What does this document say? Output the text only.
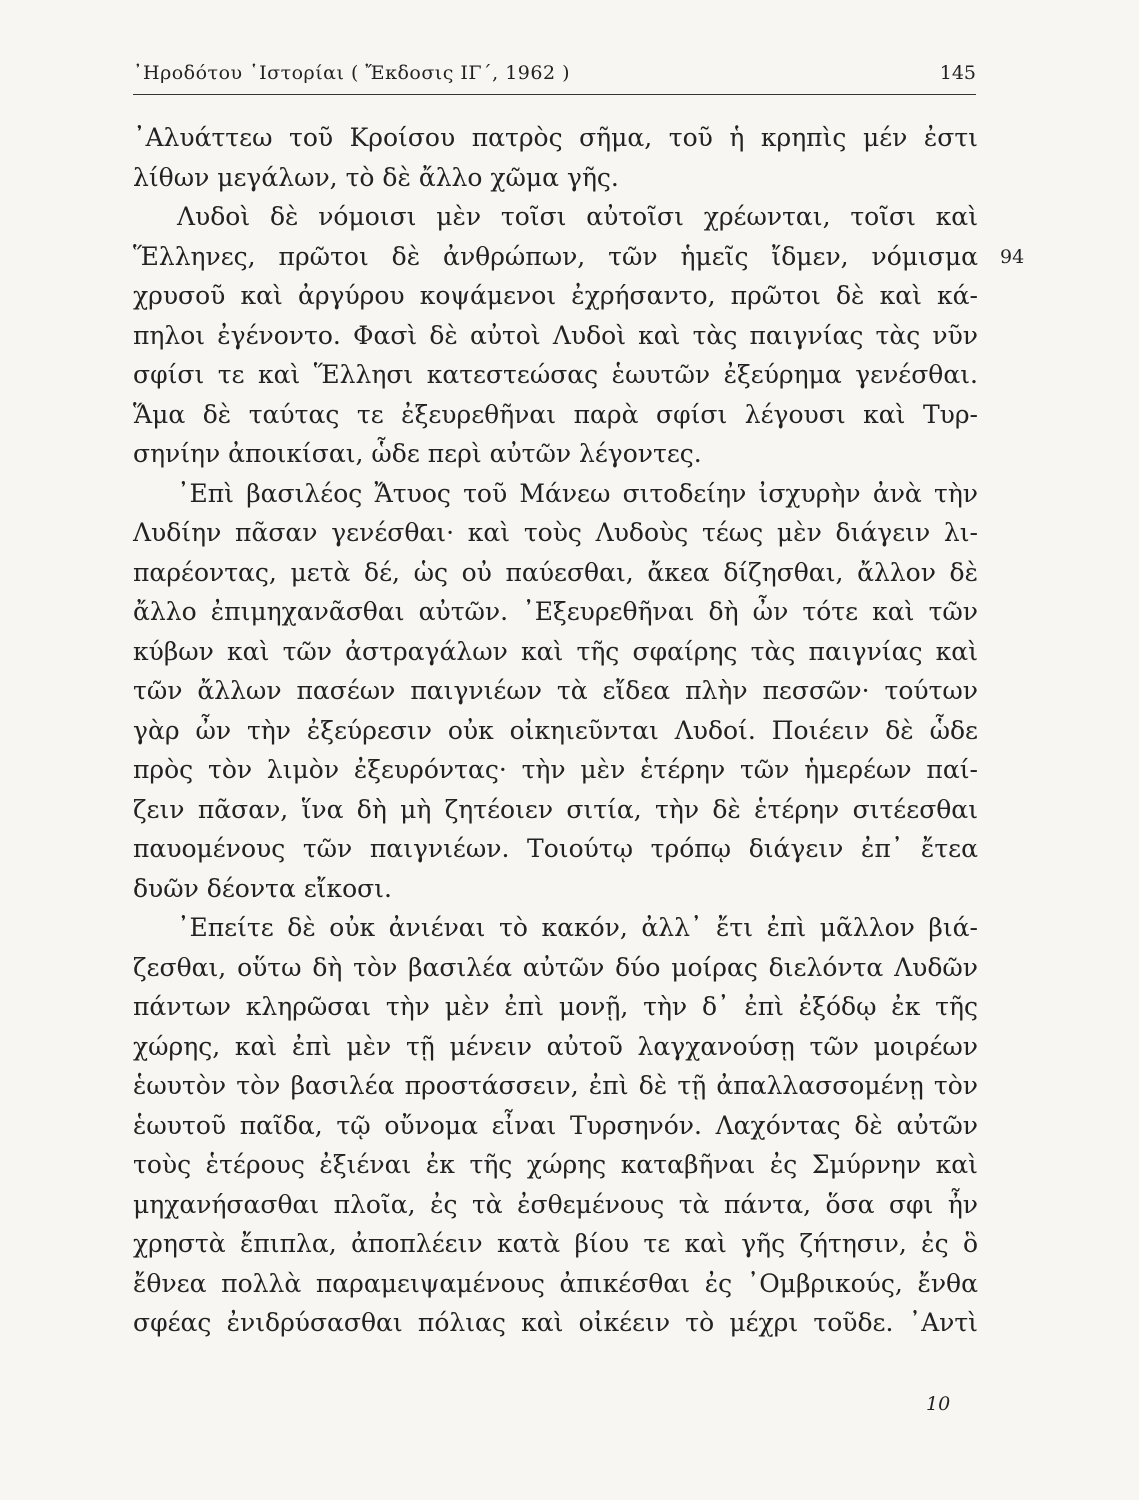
᾿Ηροδότου ῾Ιστορίαι ( Ἔκδοσις ΙΓ΄, 1962 )	145
94
᾿Αλυάττεω τοῦ Κροίσου πατρὸς σῆμα, τοῦ ἡ κρηπὶς μέν ἐστι
λίθων μεγάλων, τὸ δὲ ἄλλο χῶμα γῆς.
Λυδοὶ δὲ νόμοισι μὲν τοῖσι αὐτοῖσι χρέωνται, τοῖσι καὶ
Ἕλληνες, πρῶτοι δὲ ἀνθρώπων, τῶν ἡμεῖς ἴδμεν, νόμισμα
χρυσοῦ καὶ ἀργύρου κοψάμενοι ἐχρήσαντο, πρῶτοι δὲ καὶ κά-
πηλοι ἐγένοντο. Φασὶ δὲ αὐτοὶ Λυδοὶ καὶ τὰς παιγνίας τὰς νῦν
σφίσι τε καὶ Ἕλλησι κατεστεώσας ἑωυτῶν ἐξεύρημα γενέσθαι.
Ἅμα δὲ ταύτας τε ἐξευρεθῆναι παρὰ σφίσι λέγουσι καὶ Τυρ-
σηνίην ἀποικίσαι, ὧδε περὶ αὐτῶν λέγοντες.
᾿Επὶ βασιλέος Ἄτυος τοῦ Μάνεω σιτοδείην ἰσχυρὴν ἀνὰ τὴν
Λυδίην πᾶσαν γενέσθαι· καὶ τοὺς Λυδοὺς τέως μὲν διάγειν λι-
παρέοντας, μετὰ δέ, ὡς οὐ παύεσθαι, ἄκεα δίζησθαι, ἄλλον δὲ
ἄλλο ἐπιμηχανᾶσθαι αὐτῶν. ᾿Εξευρεθῆναι δὴ ὦν τότε καὶ τῶν
κύβων καὶ τῶν ἀστραγάλων καὶ τῆς σφαίρης τὰς παιγνίας καὶ
τῶν ἄλλων πασέων παιγνιέων τὰ εἴδεα πλὴν πεσσῶν· τούτων
γὰρ ὦν τὴν ἐξεύρεσιν οὐκ οἰκηιεῦνται Λυδοί. Ποιέειν δὲ ὧδε
πρὸς τὸν λιμὸν ἐξευρόντας· τὴν μὲν ἑτέρην τῶν ἡμερέων παί-
ζειν πᾶσαν, ἵνα δὴ μὴ ζητέοιεν σιτία, τὴν δὲ ἑτέρην σιτέεσθαι
παυομένους τῶν παιγνιέων. Τοιούτῳ τρόπῳ διάγειν ἐπ᾿ ἔτεα
δυῶν δέοντα εἴκοσι.
᾿Επείτε δὲ οὐκ ἀνιέναι τὸ κακόν, ἀλλ᾿ ἔτι ἐπὶ μᾶλλον βιά-
ζεσθαι, οὕτω δὴ τὸν βασιλέα αὐτῶν δύο μοίρας διελόντα Λυδῶν
πάντων κληρῶσαι τὴν μὲν ἐπὶ μονῇ, τὴν δ᾿ ἐπὶ ἐξόδῳ ἐκ τῆς
χώρης, καὶ ἐπὶ μὲν τῇ μένειν αὐτοῦ λαγχανούσῃ τῶν μοιρέων
ἑωυτὸν τὸν βασιλέα προστάσσειν, ἐπὶ δὲ τῇ ἀπαλλασσομένῃ τὸν
ἑωυτοῦ παῖδα, τῷ οὔνομα εἶναι Τυρσηνόν. Λαχόντας δὲ αὐτῶν
τοὺς ἑτέρους ἐξιέναι ἐκ τῆς χώρης καταβῆναι ἐς Σμύρνην καὶ
μηχανήσασθαι πλοῖα, ἐς τὰ ἐσθεμένους τὰ πάντα, ὅσα σφι ἦν
χρηστὰ ἔπιπλα, ἀποπλέειν κατὰ βίου τε καὶ γῆς ζήτησιν, ἐς ὃ
ἔθνεα πολλὰ παραμειψαμένους ἀπικέσθαι ἐς ᾿Ομβρικούς, ἔνθα
σφέας ἐνιδρύσασθαι πόλιας καὶ οἰκέειν τὸ μέχρι τοῦδε. ᾿Αντὶ
10
